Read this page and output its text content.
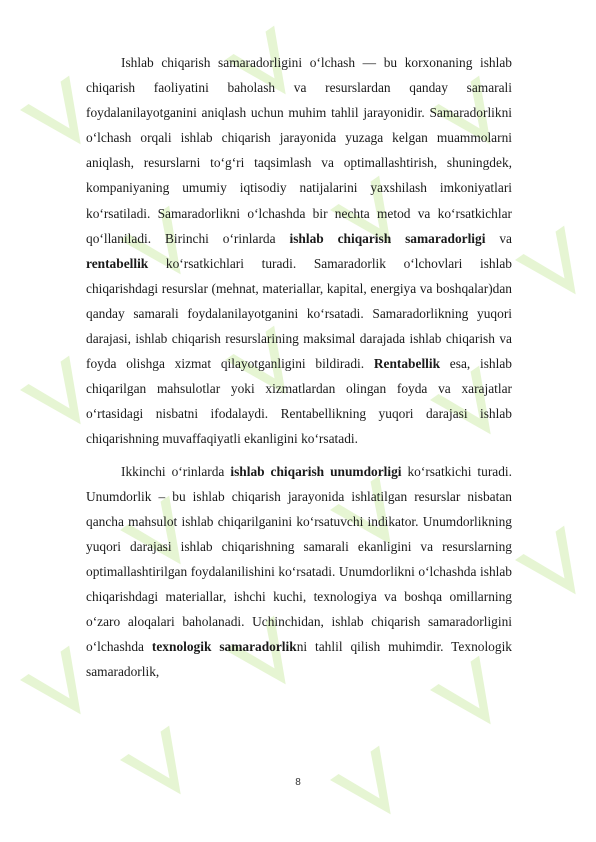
Ishlab chiqarish samaradorligini o‘lchash — bu korxonaning ishlab chiqarish faoliyatini baholash va resurslardan qanday samarali foydalanilayotganini aniqlash uchun muhim tahlil jarayonidir. Samaradorlikni o‘lchash orqali ishlab chiqarish jarayonida yuzaga kelgan muammolarni aniqlash, resurslarni to‘g‘ri taqsimlash va optimallashtirish, shuningdek, kompaniyaning umumiy iqtisodiy natijalarini yaxshilash imkoniyatlari ko‘rsatiladi. Samaradorlikni o‘lchashda bir nechta metod va ko‘rsatkichlar qo‘llaniladi. Birinchi o‘rinlarda ishlab chiqarish samaradorligi va rentabellik ko‘rsatkichlari turadi. Samaradorlik o‘lchovlari ishlab chiqarishdagi resurslar (mehnat, materiallar, kapital, energiya va boshqalar)dan qanday samarali foydalanilayotganini ko‘rsatadi. Samaradorlikning yuqori darajasi, ishlab chiqarish resurslarining maksimal darajada ishlab chiqarish va foyda olishga xizmat qilayotganligini bildiradi. Rentabellik esa, ishlab chiqarilgan mahsulotlar yoki xizmatlardan olingan foyda va xarajatlar o‘rtasidagi nisbatni ifodalaydi. Rentabellikning yuqori darajasi ishlab chiqarishning muvaffaqiyatli ekanligini ko‘rsatadi.

Ikkinchi o‘rinlarda ishlab chiqarish unumdorligi ko‘rsatkichi turadi. Unumdorlik – bu ishlab chiqarish jarayonida ishlatilgan resurslar nisbatan qancha mahsulot ishlab chiqarilganini ko‘rsatuvchi indikator. Unumdorlikning yuqori darajasi ishlab chiqarishning samarali ekanligini va resurslarning optimallashtirilgan foydalanilishini ko‘rsatadi. Unumdorlikni o‘lchashda ishlab chiqarishdagi materiallar, ishchi kuchi, texnologiya va boshqa omillarning o‘zaro aloqalari baholanadi. Uchinchidan, ishlab chiqarish samaradorligini o‘lchashda texnologik samaradorlikni tahlil qilish muhimdir. Texnologik samaradorlik,

8
